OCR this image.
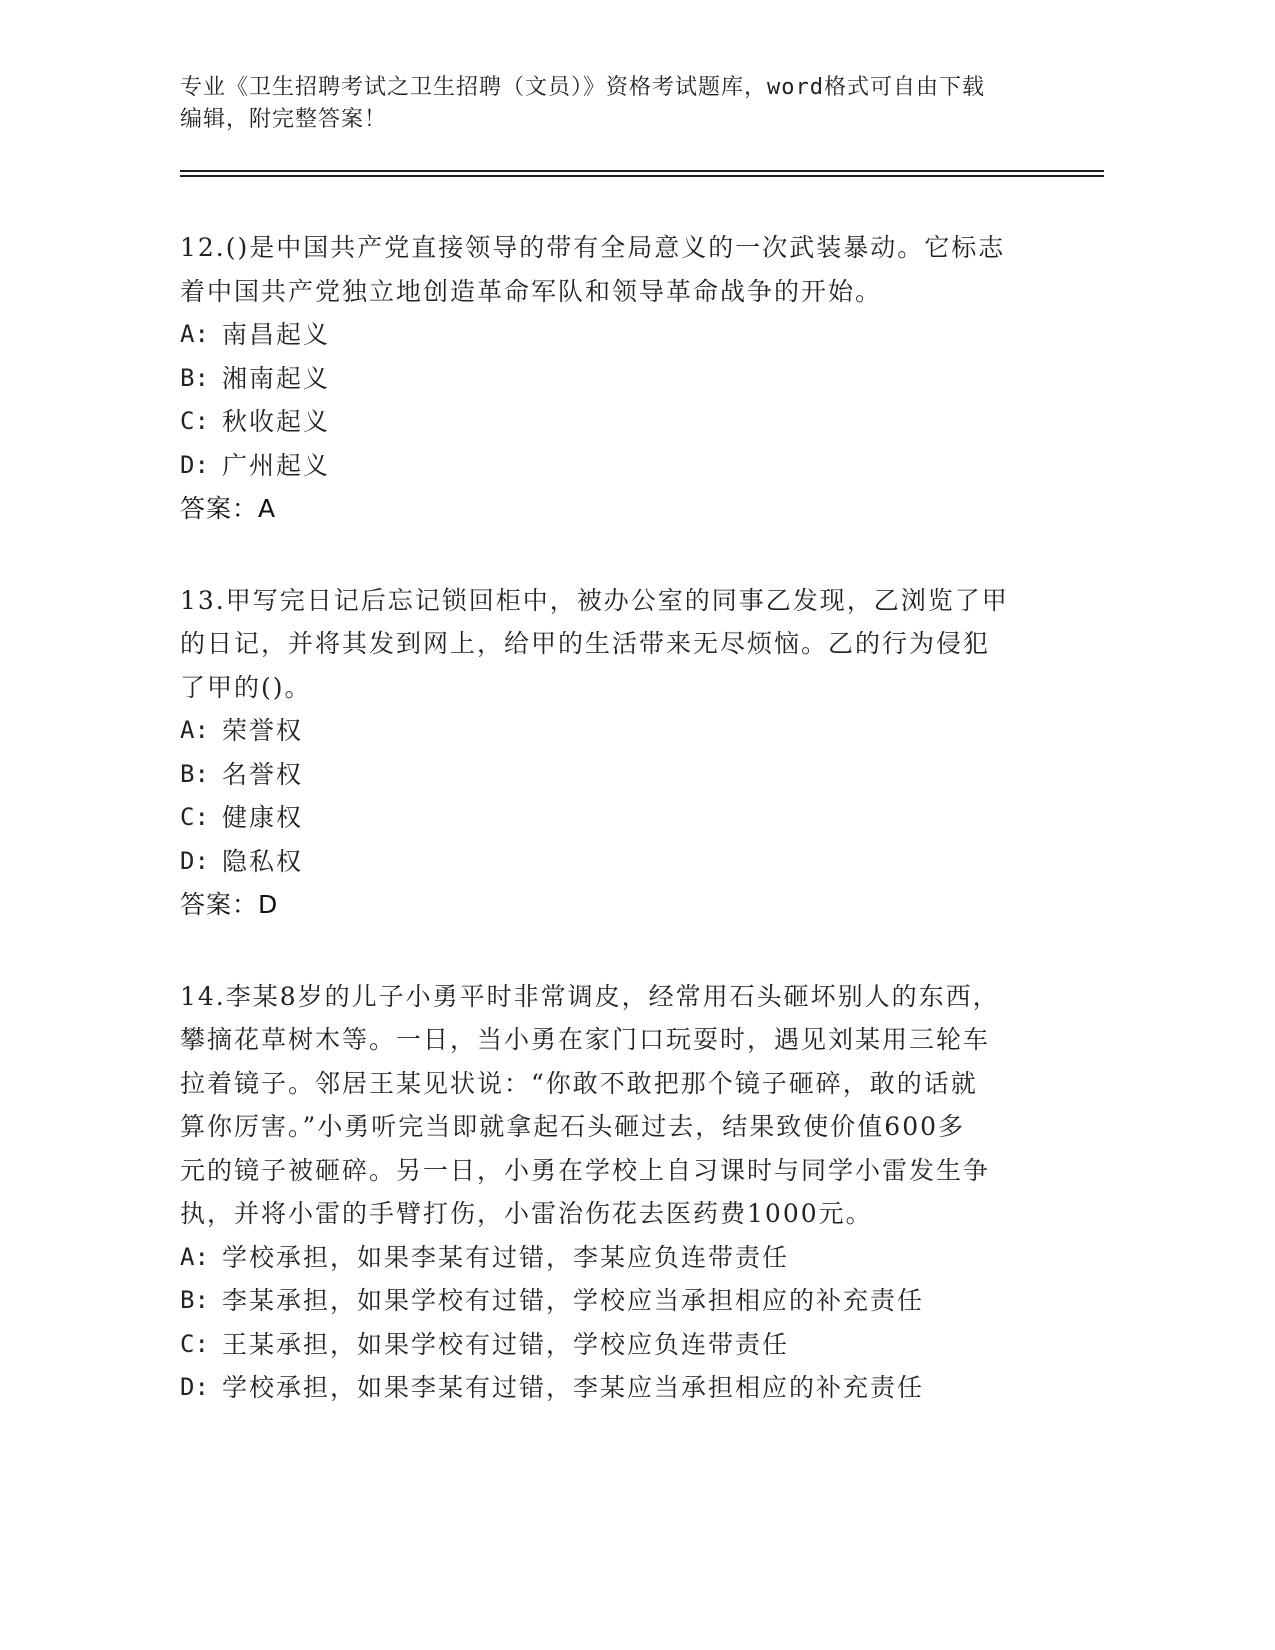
专业《卫生招聘考试之卫生招聘（文员）》资格考试题库，word格式可自由下载
编辑，附完整答案！

12.()是中国共产党直接领导的带有全局意义的一次武装暴动。它标志

着中国共产党独立地创造革命军队和领导革命战争的开始。

A: 南昌起义
B: 湘南起义
C: 秋收起义
D: 广州起义

答案：A

13.甲写完日记后忘记锁回柜中，被办公室的同事乙发现，乙浏览了甲

的日记，并将其发到网上，给甲的生活带来无尽烦恼。乙的行为侵犯

了甲的()。

A: 荣誉权
B: 名誉权
C: 健康权
D: 隐私权

答案：D

14.李某8岁的儿子小勇平时非常调皮，经常用石头砸坏别人的东西，

攀摘花草树木等。一日，当小勇在家门口玩耍时，遇见刘某用三轮车

拉着镜子。邻居王某见状说：“你敢不敢把那个镜子砸碎，敢的话就

算你厉害。”小勇听完当即就拿起石头砸过去，结果致使价值600多

元的镜子被砸碎。另一日，小勇在学校上自习课时与同学小雷发生争

执，并将小雷的手臂打伤，小雷治伤花去医药费1000元。

A: 学校承担，如果李某有过错，李某应负连带责任
B: 李某承担，如果学校有过错，学校应当承担相应的补充责任
C: 王某承担，如果学校有过错，学校应负连带责任
D: 学校承担，如果李某有过错，李某应当承担相应的补充责任
